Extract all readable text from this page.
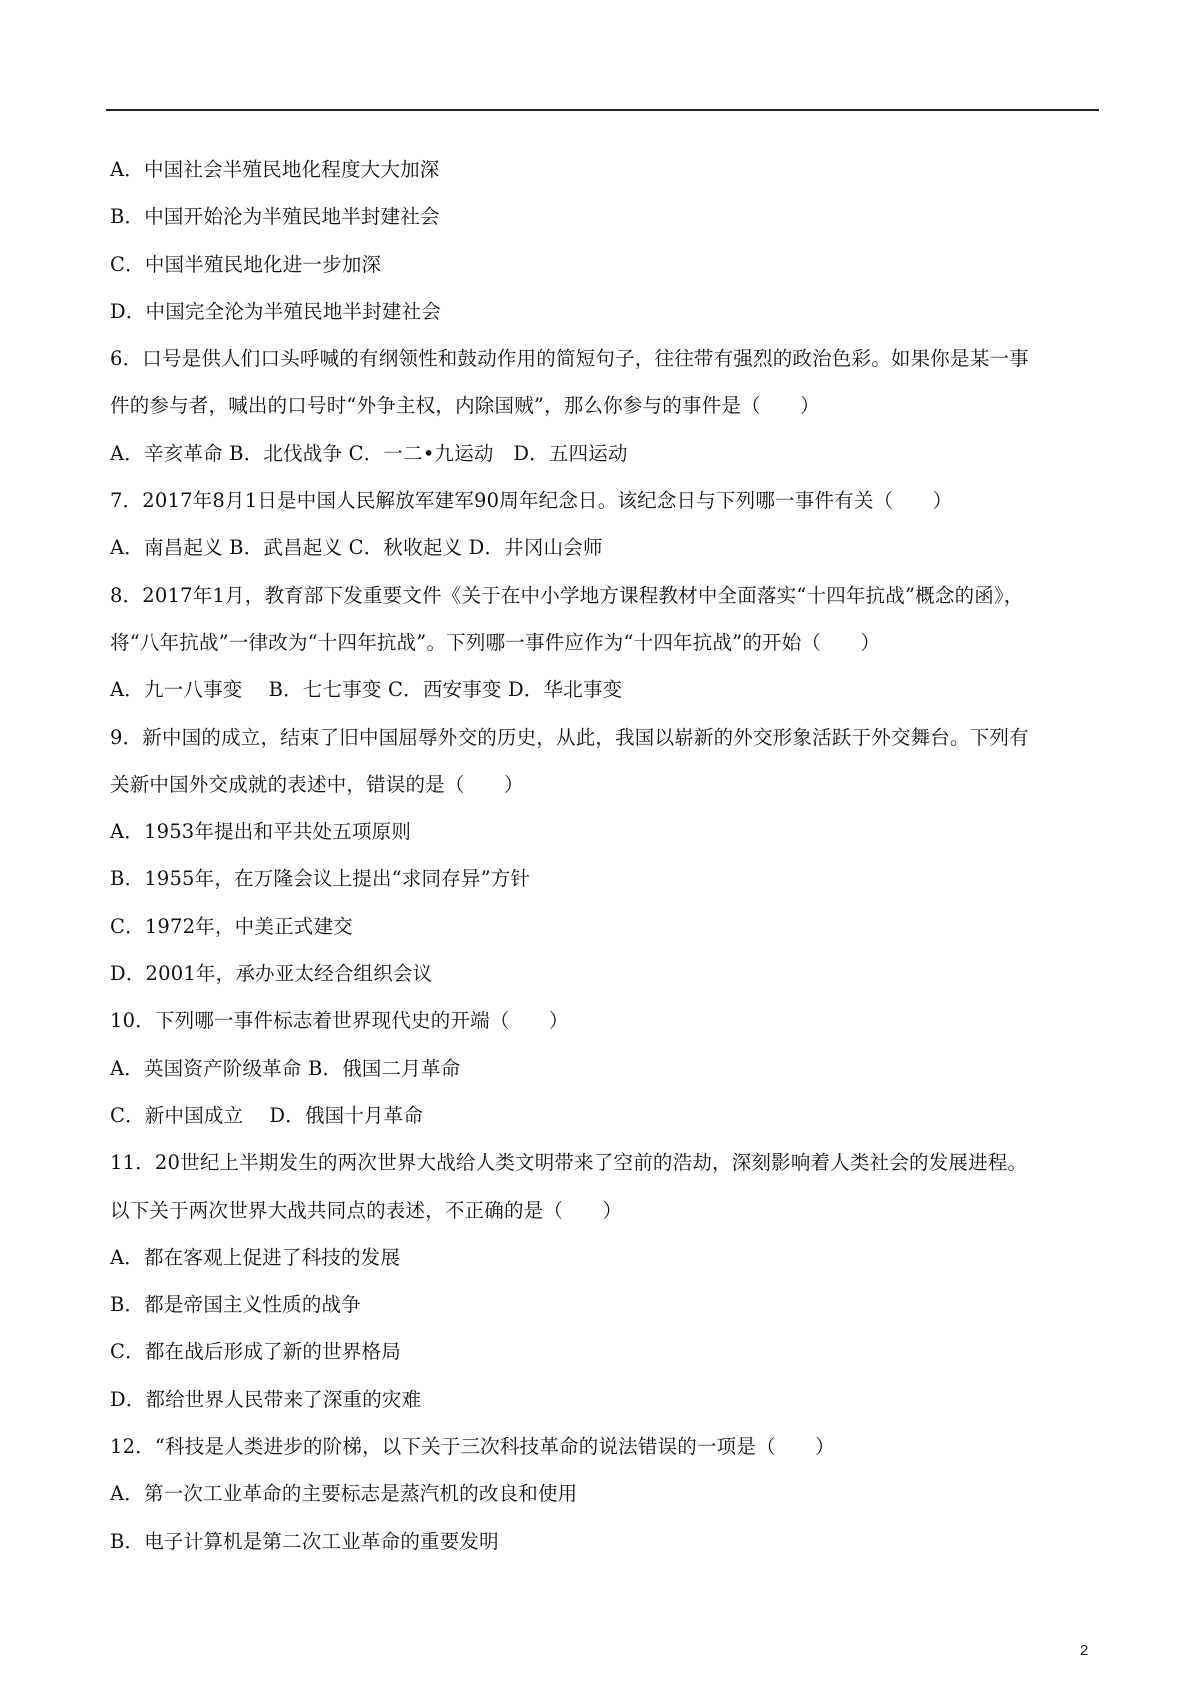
A．中国社会半殖民地化程度大大加深
B．中国开始沦为半殖民地半封建社会
C．中国半殖民地化进一步加深
D．中国完全沦为半殖民地半封建社会
6．口号是供人们口头呼喊的有纲领性和鼓动作用的简短句子，往往带有强烈的政治色彩。如果你是某一事
件的参与者，喊出的口号时“外争主权，内除国贼”，那么你参与的事件是（　　）
A．辛亥革命 B．北伐战争 C．一二•九运动　D．五四运动
7．2017年8月1日是中国人民解放军建军90周年纪念日。该纪念日与下列哪一事件有关（　　）
A．南昌起义 B．武昌起义 C．秋收起义 D．井冈山会师
8．2017年1月，教育部下发重要文件《关于在中小学地方课程教材中全面落实“十四年抗战”概念的函》，
将“八年抗战”一律改为“十四年抗战”。下列哪一事件应作为“十四年抗战”的开始（　　）
A．九一八事变　 B．七七事变 C．西安事变 D．华北事变
9．新中国的成立，结束了旧中国屈辱外交的历史，从此，我国以崭新的外交形象活跃于外交舞台。下列有
关新中国外交成就的表述中，错误的是（　　）
A．1953年提出和平共处五项原则
B．1955年，在万隆会议上提出“求同存异”方针
C．1972年，中美正式建交
D．2001年，承办亚太经合组织会议
10．下列哪一事件标志着世界现代史的开端（　　）
A．英国资产阶级革命 B．俄国二月革命
C．新中国成立　 D．俄国十月革命
11．20世纪上半期发生的两次世界大战给人类文明带来了空前的浩劫，深刻影响着人类社会的发展进程。
以下关于两次世界大战共同点的表述，不正确的是（　　）
A．都在客观上促进了科技的发展
B．都是帝国主义性质的战争
C．都在战后形成了新的世界格局
D．都给世界人民带来了深重的灾难
12．“科技是人类进步的阶梯，以下关于三次科技革命的说法错误的一项是（　　）
A．第一次工业革命的主要标志是蒸汽机的改良和使用
B．电子计算机是第二次工业革命的重要发明
2
